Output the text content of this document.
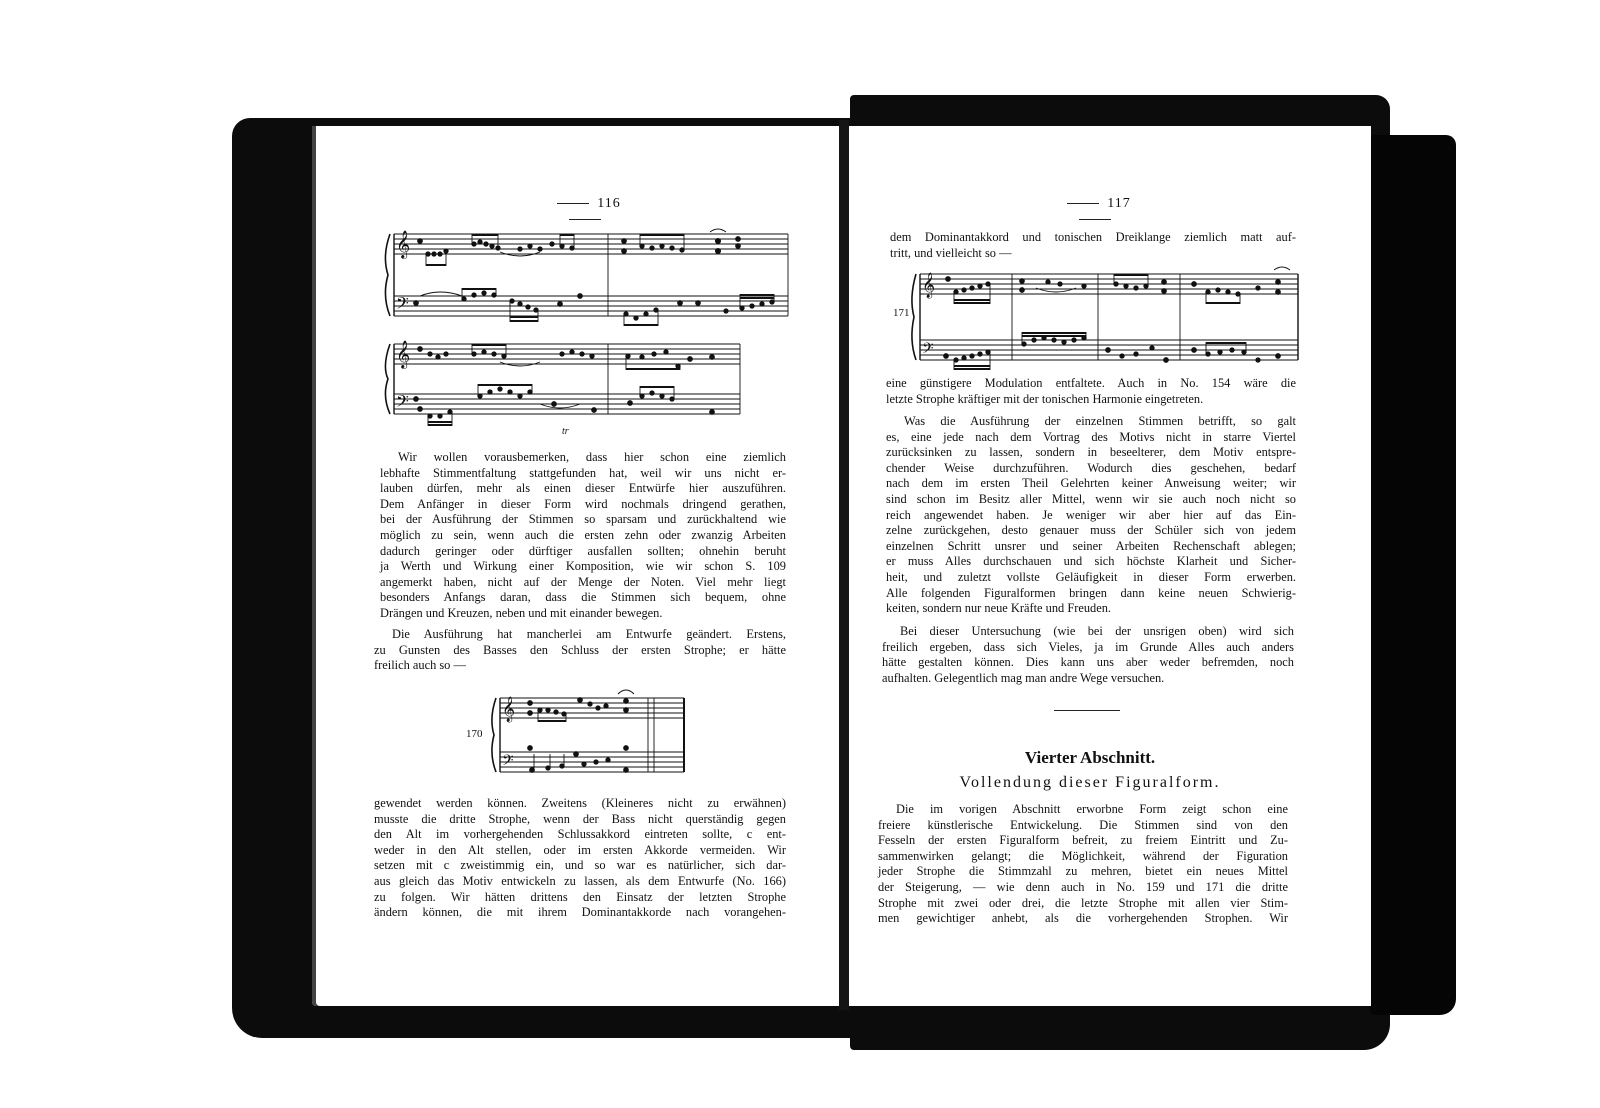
116
𝄞
𝄢
𝄞
𝄢
tr
Wir wollen vorausbemerken, dass hier schon eine ziemlich
lebhafte Stimmentfaltung stattgefunden hat, weil wir uns nicht er-
lauben dürfen, mehr als einen dieser Entwürfe hier auszuführen.
Dem Anfänger in dieser Form wird nochmals dringend gerathen,
bei der Ausführung der Stimmen so sparsam und zurückhaltend wie
möglich zu sein, wenn auch die ersten zehn oder zwanzig Arbeiten
dadurch geringer oder dürftiger ausfallen sollten; ohnehin beruht
ja Werth und Wirkung einer Komposition, wie wir schon S. 109
angemerkt haben, nicht auf der Menge der Noten. Viel mehr liegt
besonders Anfangs daran, dass die Stimmen sich bequem, ohne
Drängen und Kreuzen, neben und mit einander bewegen.
Die Ausführung hat mancherlei am Entwurfe geändert. Erstens,
zu Gunsten des Basses den Schluss der ersten Strophe; er hätte
freilich auch so —
170
𝄞
𝄢
gewendet werden können. Zweitens (Kleineres nicht zu erwähnen)
musste die dritte Strophe, wenn der Bass nicht querständig gegen
den Alt im vorhergehenden Schlussakkord eintreten sollte, c ent-
weder in den Alt stellen, oder im ersten Akkorde vermeiden. Wir
setzen mit c zweistimmig ein, und so war es natürlicher, sich dar-
aus gleich das Motiv entwickeln zu lassen, als dem Entwurfe (No. 166)
zu folgen. Wir hätten drittens den Einsatz der letzten Strophe
ändern können, die mit ihrem Dominantakkorde nach vorangehen-
117
dem Dominantakkord und tonischen Dreiklange ziemlich matt auf-
tritt, und vielleicht so —
171
𝄞
𝄢
eine günstigere Modulation entfaltete. Auch in No. 154 wäre die
letzte Strophe kräftiger mit der tonischen Harmonie eingetreten.
Was die Ausführung der einzelnen Stimmen betrifft, so galt
es, eine jede nach dem Vortrag des Motivs nicht in starre Viertel
zurücksinken zu lassen, sondern in beseelterer, dem Motiv entspre-
chender Weise durchzuführen. Wodurch dies geschehen, bedarf
nach dem im ersten Theil Gelehrten keiner Anweisung weiter; wir
sind schon im Besitz aller Mittel, wenn wir sie auch noch nicht so
reich angewendet haben. Je weniger wir aber hier auf das Ein-
zelne zurückgehen, desto genauer muss der Schüler sich von jedem
einzelnen Schritt unsrer und seiner Arbeiten Rechenschaft ablegen;
er muss Alles durchschauen und sich höchste Klarheit und Sicher-
heit, und zuletzt vollste Geläufigkeit in dieser Form erwerben.
Alle folgenden Figuralformen bringen dann keine neuen Schwierig-
keiten, sondern nur neue Kräfte und Freuden.
Bei dieser Untersuchung (wie bei der unsrigen oben) wird sich
freilich ergeben, dass sich Vieles, ja im Grunde Alles auch anders
hätte gestalten können. Dies kann uns aber weder befremden, noch
aufhalten. Gelegentlich mag man andre Wege versuchen.
Vierter Abschnitt.
Vollendung dieser Figuralform.
Die im vorigen Abschnitt erworbne Form zeigt schon eine
freiere künstlerische Entwickelung. Die Stimmen sind von den
Fesseln der ersten Figuralform befreit, zu freiem Eintritt und Zu-
sammenwirken gelangt; die Möglichkeit, während der Figuration
jeder Strophe die Stimmzahl zu mehren, bietet ein neues Mittel
der Steigerung, — wie denn auch in No. 159 und 171 die dritte
Strophe mit zwei oder drei, die letzte Strophe mit allen vier Stim-
men gewichtiger anhebt, als die vorhergehenden Strophen. Wir
